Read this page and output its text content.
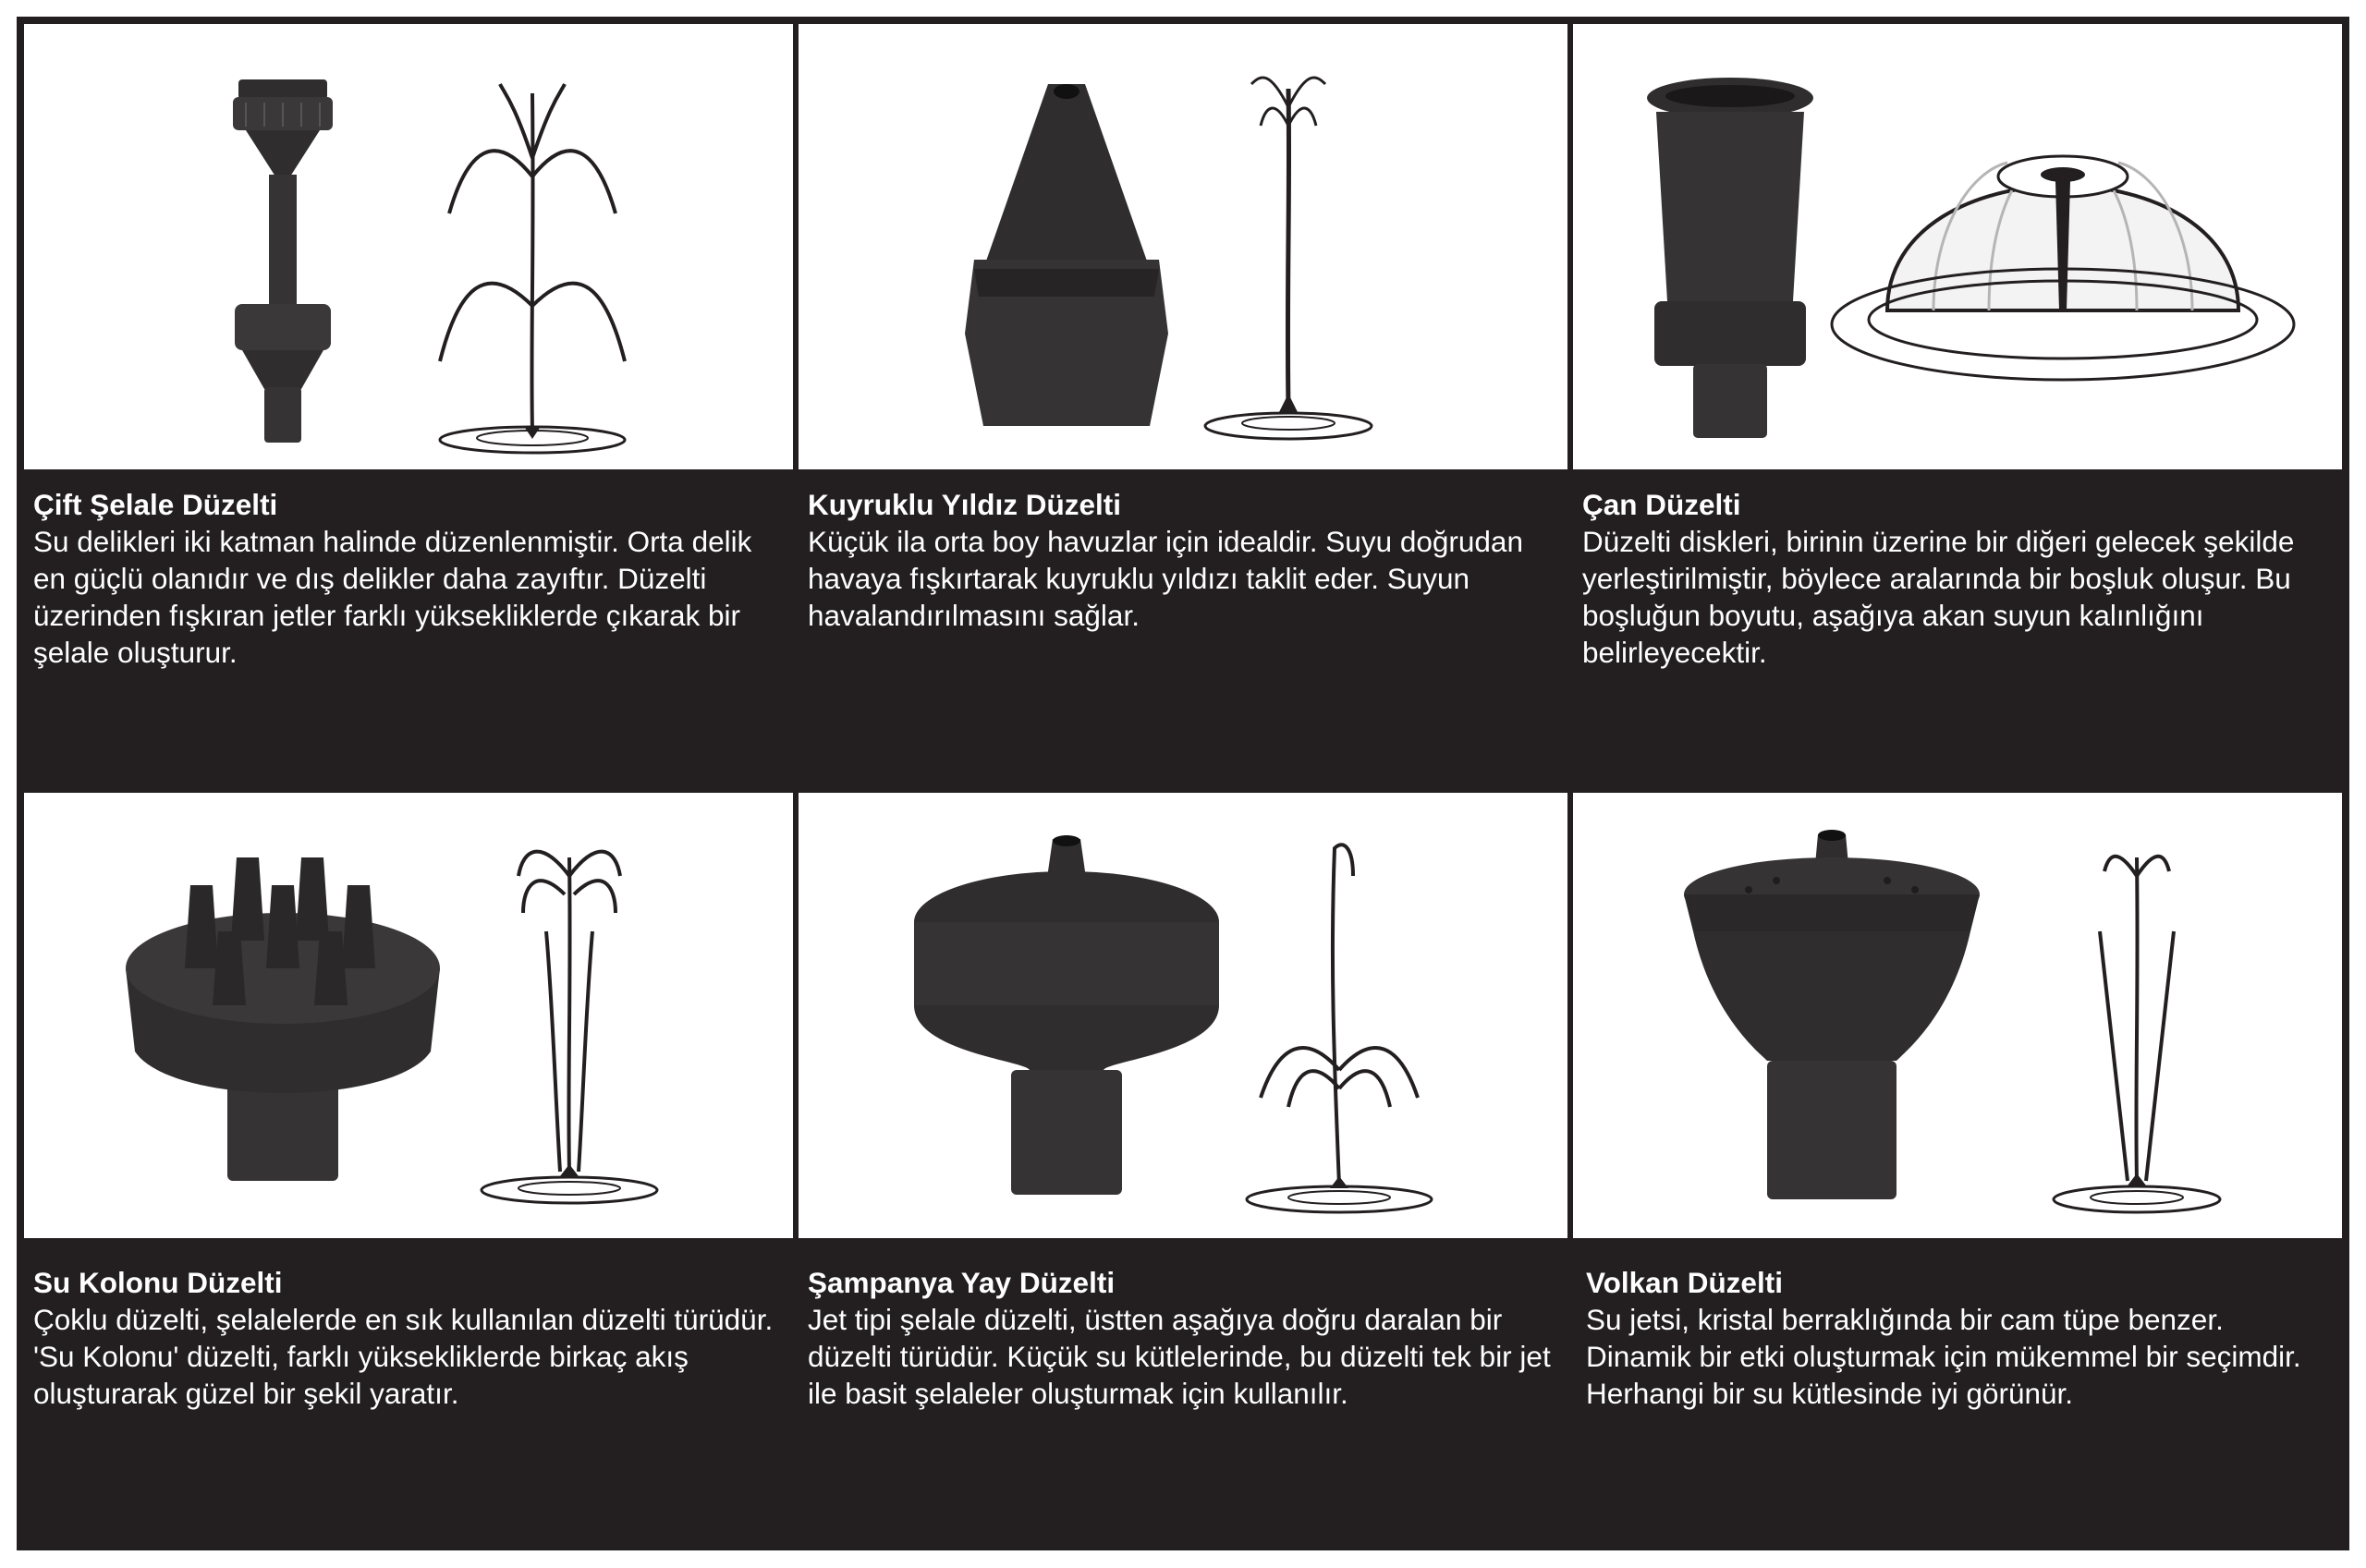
Çift Şelale Düzelti
Su delikleri iki katman halinde düzenlenmiştir. Orta delik en güçlü olanıdır ve dış delikler daha zayıftır. Düzelti üzerinden fışkıran jetler farklı yüksekliklerde çıkarak bir şelale oluşturur.
Kuyruklu Yıldız Düzelti
Küçük ila orta boy havuzlar için idealdir. Suyu doğrudan havaya fışkırtarak kuyruklu yıldızı taklit eder. Suyun havalandırılmasını sağlar.
Çan Düzelti
Düzelti diskleri, birinin üzerine bir diğeri gelecek şekilde yerleştirilmiştir, böylece aralarında bir boşluk oluşur. Bu boşluğun boyutu, aşağıya akan suyun kalınlığını belirleyecektir.
Su Kolonu Düzelti
Çoklu düzelti, şelalelerde en sık kullanılan düzelti türüdür. 'Su Kolonu' düzelti, farklı yüksekliklerde birkaç akış oluşturarak güzel bir şekil yaratır.
Şampanya Yay Düzelti
Jet tipi şelale düzelti, üstten aşağıya doğru daralan bir düzelti türüdür. Küçük su kütlelerinde, bu düzelti tek bir jet ile basit şelaleler oluşturmak için kullanılır.
Volkan Düzelti
Su jetsi, kristal berraklığında bir cam tüpe benzer. Dinamik bir etki oluşturmak için mükemmel bir seçimdir. Herhangi bir su kütlesinde iyi görünür.
